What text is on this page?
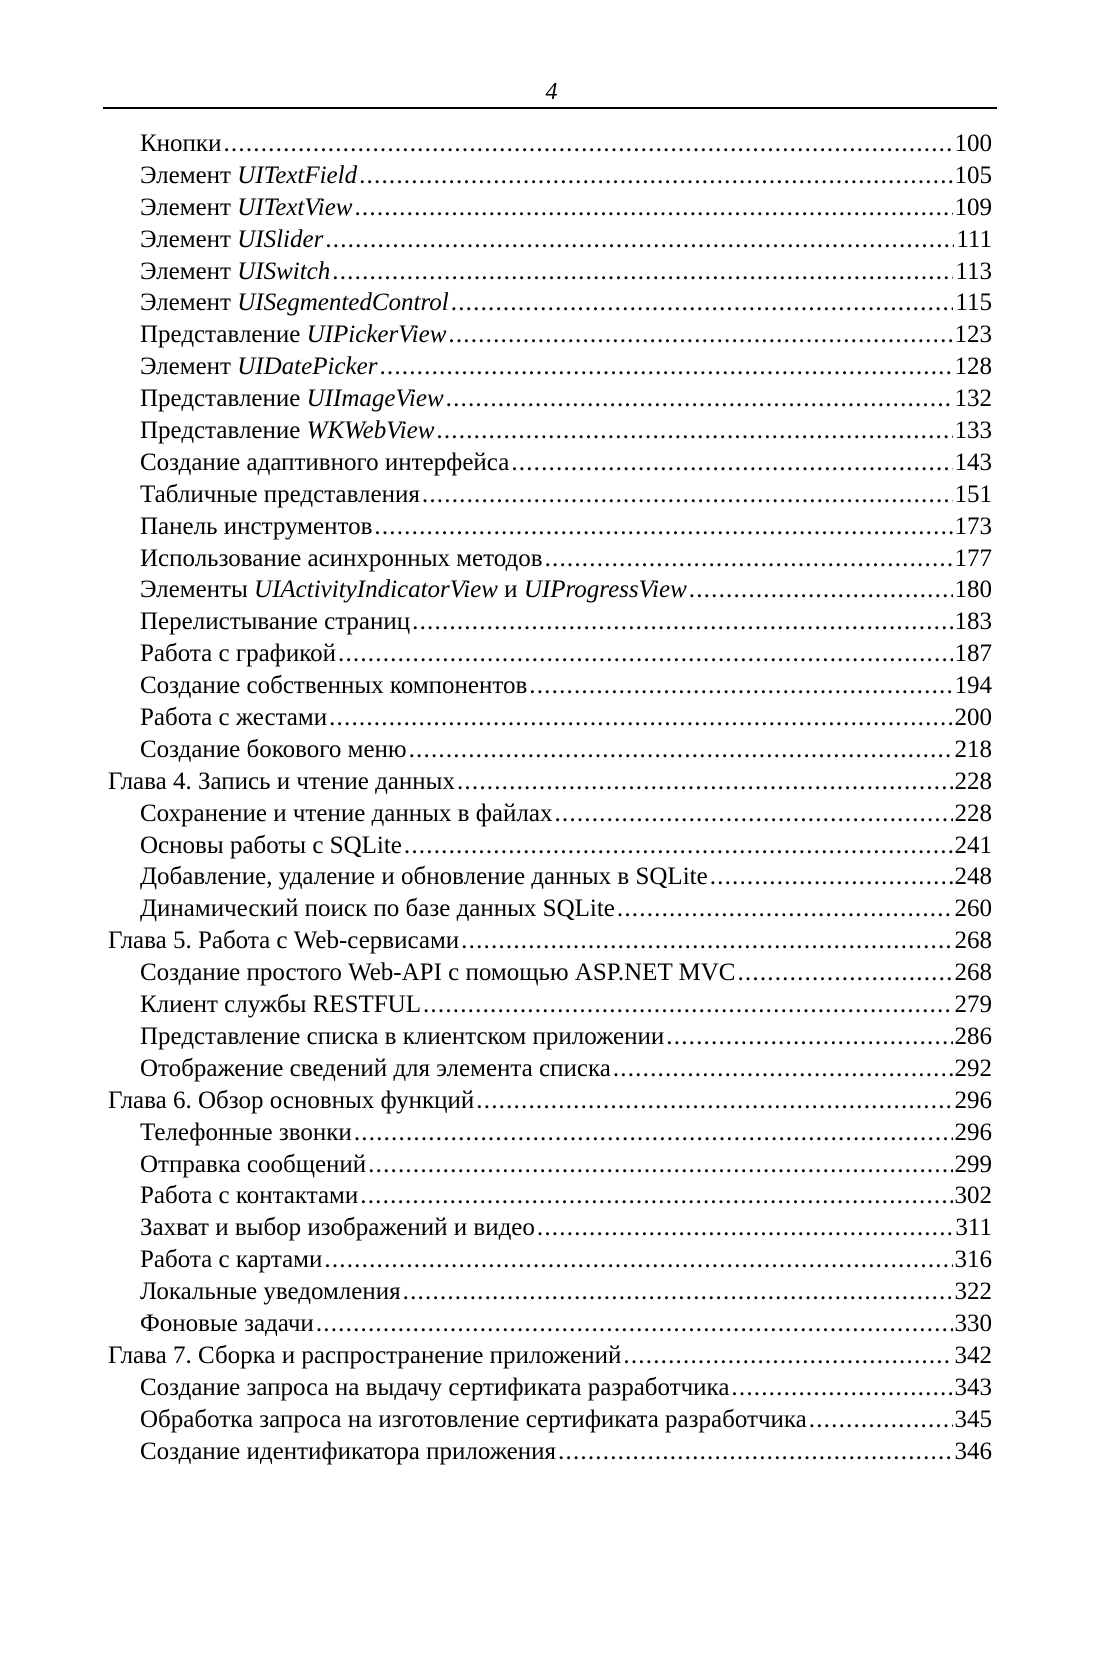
4
Кнопки .....	100
Элемент UITextField .....	105
Элемент UITextView .....	109
Элемент UISlider .....	111
Элемент UISwitch .....	113
Элемент UISegmentedControl .....	115
Представление UIPickerView .....	123
Элемент UIDatePicker .....	128
Представление UIImageView .....	132
Представление WKWebView .....	133
Создание адаптивного интерфейса .....	143
Табличные представления .....	151
Панель инструментов .....	173
Использование асинхронных методов .....	177
Элементы UIActivityIndicatorView и UIProgressView .....	180
Перелистывание страниц .....	183
Работа с графикой .....	187
Создание собственных компонентов .....	194
Работа с жестами .....	200
Создание бокового меню .....	218
Глава 4. Запись и чтение данных .....	228
Сохранение и чтение данных в файлах .....	228
Основы работы с SQLite .....	241
Добавление, удаление и обновление данных в SQLite .....	248
Динамический поиск по базе данных SQLite .....	260
Глава 5. Работа с Web-сервисами .....	268
Создание простого Web-API с помощью ASP.NET MVC .....	268
Клиент службы RESTFUL .....	279
Представление списка в клиентском приложении .....	286
Отображение сведений для элемента списка .....	292
Глава 6. Обзор основных функций .....	296
Телефонные звонки .....	296
Отправка сообщений .....	299
Работа с контактами .....	302
Захват и выбор изображений и видео .....	311
Работа с картами .....	316
Локальные уведомления .....	322
Фоновые задачи .....	330
Глава 7. Сборка и распространение приложений .....	342
Создание запроса на выдачу сертификата разработчика .....	343
Обработка запроса на изготовление сертификата разработчика .....	345
Создание идентификатора приложения .....	346
